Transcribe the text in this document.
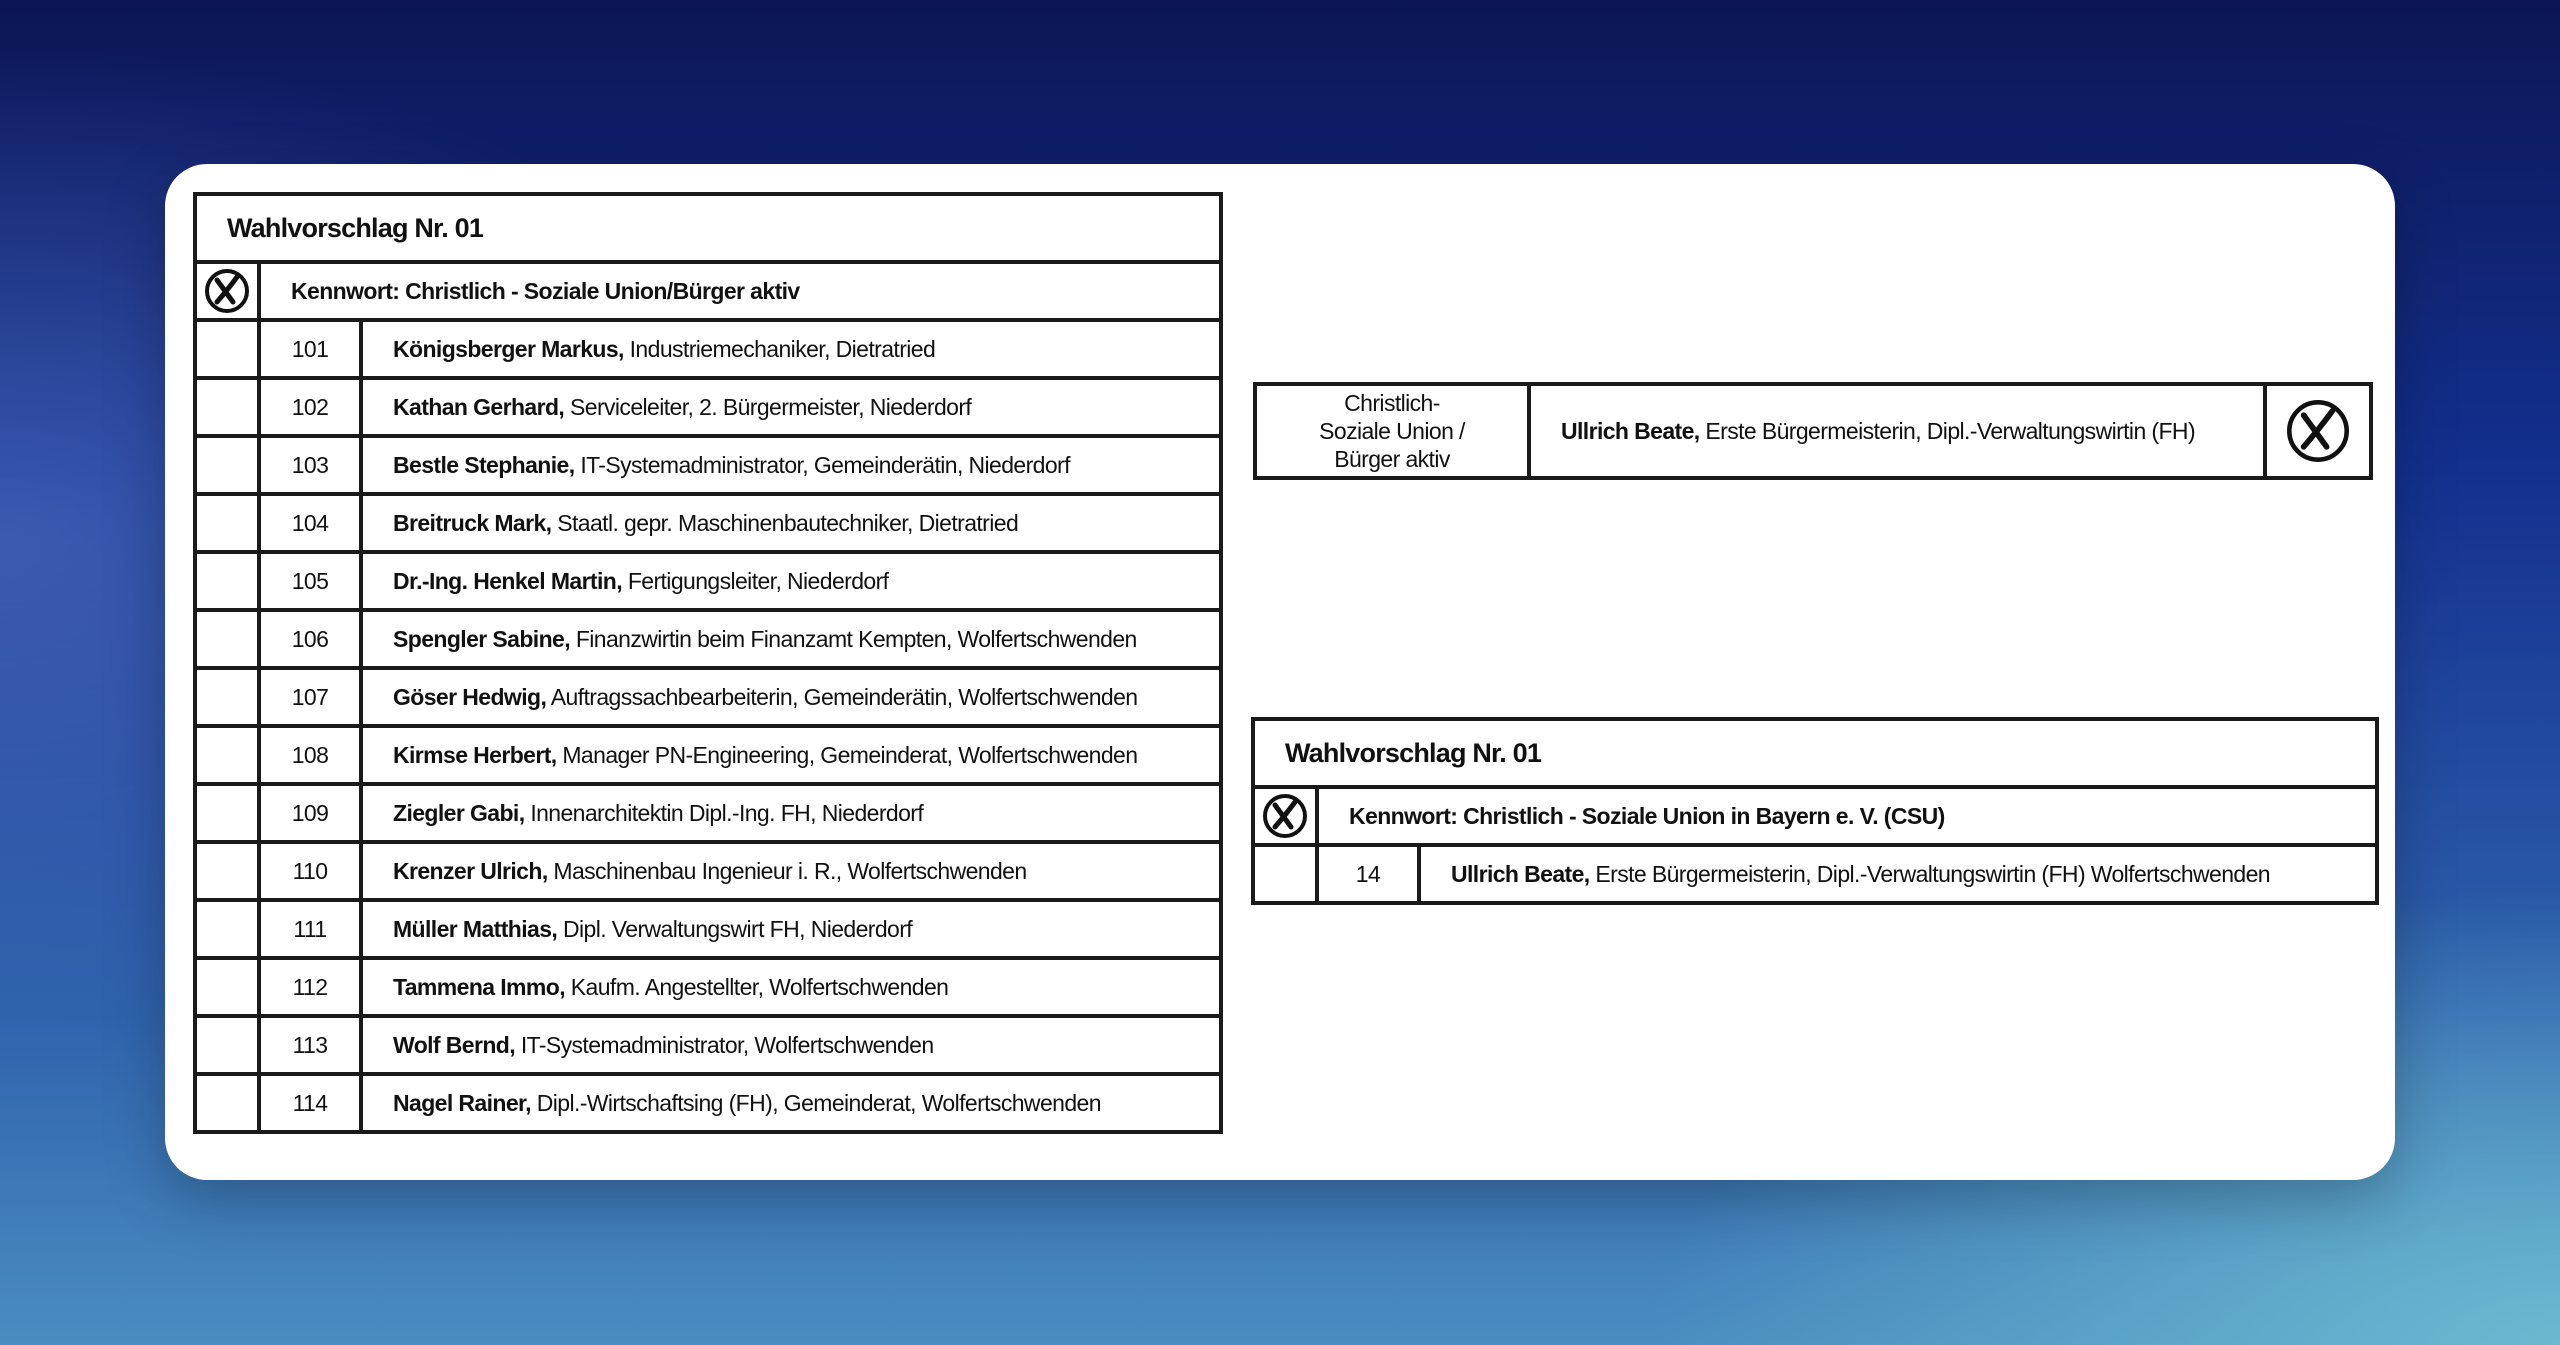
Wahlvorschlag Nr. 01		
	Kennwort: Christlich - Soziale Union/Bürger aktiv	
	101	Königsberger Markus, Industriemechaniker, Dietratried
	102	Kathan Gerhard, Serviceleiter, 2. Bürgermeister, Niederdorf
	103	Bestle Stephanie, IT-Systemadministrator, Gemeinderätin, Niederdorf
	104	Breitruck Mark, Staatl. gepr. Maschinenbautechniker, Dietratried
	105	Dr.-Ing. Henkel Martin, Fertigungsleiter, Niederdorf
	106	Spengler Sabine, Finanzwirtin beim Finanzamt Kempten, Wolfertschwenden
	107	Göser Hedwig, Auftragssachbearbeiterin, Gemeinderätin, Wolfertschwenden
	108	Kirmse Herbert, Manager PN-Engineering, Gemeinderat, Wolfertschwenden
	109	Ziegler Gabi, Innenarchitektin Dipl.-Ing. FH, Niederdorf
	110	Krenzer Ulrich, Maschinenbau Ingenieur i. R., Wolfertschwenden
	111	Müller Matthias, Dipl. Verwaltungswirt FH, Niederdorf
	112	Tammena Immo, Kaufm. Angestellter, Wolfertschwenden
	113	Wolf Bernd, IT-Systemadministrator, Wolfertschwenden
	114	Nagel Rainer, Dipl.-Wirtschaftsing (FH), Gemeinderat, Wolfertschwenden
Christlich-
Soziale Union /
Bürger aktiv
	Ullrich Beate, Erste Bürgermeisterin, Dipl.-Verwaltungswirtin (FH)	
Wahlvorschlag Nr. 01		
	Kennwort: Christlich - Soziale Union in Bayern e. V. (CSU)	
	14	Ullrich Beate, Erste Bürgermeisterin, Dipl.-Verwaltungswirtin (FH) Wolfertschwenden
